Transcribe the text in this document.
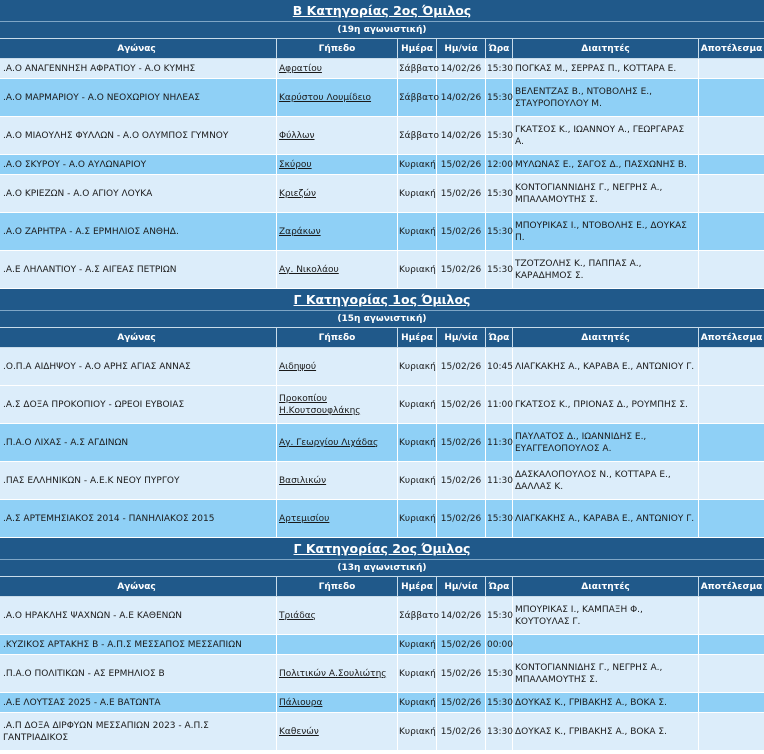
Β Κατηγορίας 2ος Όμιλος
(19η αγωνιστική)
Αγώνας	Γήπεδο	Ημέρα	Ημ/νία	Ώρα	Διαιτητές	Αποτέλεσμα
.Α.Ο ΑΝΑΓΕΝΝΗΣΗ ΑΦΡΑΤΙΟΥ - Α.Ο ΚΥΜΗΣ	Αφρατίου	Σάββατο	14/02/26	15:30	ΠΟΓΚΑΣ Μ., ΣΕΡΡΑΣ Π., ΚΟΤΤΑΡΑ Ε.	
.Α.Ο ΜΑΡΜΑΡΙΟΥ - Α.Ο ΝΕΟΧΩΡΙΟΥ ΝΗΛΕΑΣ	Καρύστου Λουμίδειο	Σάββατο	14/02/26	15:30	ΒΕΛΕΝΤΖΑΣ Β., ΝΤΟΒΟΛΗΣ Ε., ΣΤΑΥΡΟΠΟΥΛΟΥ Μ.	
.Α.Ο ΜΙΑΟΥΛΗΣ ΦΥΛΛΩΝ - Α.Ο ΟΛΥΜΠΟΣ ΓΥΜΝΟΥ	Φύλλων	Σάββατο	14/02/26	15:30	ΓΚΑΤΣΟΣ Κ., ΙΩΑΝΝΟΥ Α., ΓΕΩΡΓΑΡΑΣ Α.	
.Α.Ο ΣΚΥΡΟΥ - Α.Ο ΑΥΛΩΝΑΡΙΟΥ	Σκύρου	Κυριακή	15/02/26	12:00	ΜΥΛΩΝΑΣ Ε., ΣΑΓΟΣ Δ., ΠΑΣΧΩΝΗΣ Β.	
.Α.Ο ΚΡΙΕΖΩΝ - Α.Ο ΑΓΙΟΥ ΛΟΥΚΑ	Κριεζών	Κυριακή	15/02/26	15:30	ΚΟΝΤΟΓΙΑΝΝΙΔΗΣ Γ., ΝΕΓΡΗΣ Α., ΜΠΑΛΑΜΟΥΤΗΣ Σ.	
.Α.Ο ΖΑΡΗΤΡΑ - Α.Σ ΕΡΜΗΛΙΟΣ ΑΝΘΗΔ.	Ζαράκων	Κυριακή	15/02/26	15:30	ΜΠΟΥΡΙΚΑΣ Ι., ΝΤΟΒΟΛΗΣ Ε., ΔΟΥΚΑΣ Π.	
.Α.Ε ΛΗΛΑΝΤΙΟΥ - Α.Σ ΑΙΓΕΑΣ ΠΕΤΡΙΩΝ	Αγ. Νικολάου	Κυριακή	15/02/26	15:30	ΤΖΟΤΖΟΛΗΣ Κ., ΠΑΠΠΑΣ Α., ΚΑΡΑΔΗΜΟΣ Σ.	
Γ Κατηγορίας 1ος Όμιλος
(15η αγωνιστική)
Αγώνας	Γήπεδο	Ημέρα	Ημ/νία	Ώρα	Διαιτητές	Αποτέλεσμα
.Ο.Π.Α ΑΙΔΗΨΟΥ - Α.Ο ΑΡΗΣ ΑΓΙΑΣ ΑΝΝΑΣ	Αιδηψού	Κυριακή	15/02/26	10:45	ΛΙΑΓΚΑΚΗΣ Α., ΚΑΡΑΒΑ Ε., ΑΝΤΩΝΙΟΥ Γ.	
.Α.Σ ΔΟΞΑ ΠΡΟΚΟΠΙΟΥ - ΩΡΕΟΙ ΕΥΒΟΙΑΣ	Προκοπίου Η.Κουτσουφλάκης	Κυριακή	15/02/26	11:00	ΓΚΑΤΣΟΣ Κ., ΠΡΙΟΝΑΣ Δ., ΡΟΥΜΠΗΣ Σ.	
.Π.Α.Ο ΛΙΧΑΣ - Α.Σ ΑΓΔΙΝΩΝ	Αγ. Γεωργίου Λιχάδας	Κυριακή	15/02/26	11:30	ΠΑΥΛΑΤΟΣ Δ., ΙΩΑΝΝΙΔΗΣ Ε., ΕΥΑΓΓΕΛΟΠΟΥΛΟΣ Α.	
.ΠΑΣ ΕΛΛΗΝΙΚΩΝ - Α.Ε.Κ ΝΕΟΥ ΠΥΡΓΟΥ	Βασιλικών	Κυριακή	15/02/26	11:30	ΔΑΣΚΑΛΟΠΟΥΛΟΣ Ν., ΚΟΤΤΑΡΑ Ε., ΔΑΛΛΑΣ Κ.	
.Α.Σ ΑΡΤΕΜΗΣΙΑΚΟΣ 2014 - ΠΑΝΗΛΙΑΚΟΣ 2015	Αρτεμισίου	Κυριακή	15/02/26	15:30	ΛΙΑΓΚΑΚΗΣ Α., ΚΑΡΑΒΑ Ε., ΑΝΤΩΝΙΟΥ Γ.	
Γ Κατηγορίας 2ος Όμιλος
(13η αγωνιστική)
Αγώνας	Γήπεδο	Ημέρα	Ημ/νία	Ώρα	Διαιτητές	Αποτέλεσμα
.Α.Ο ΗΡΑΚΛΗΣ ΨΑΧΝΩΝ - Α.Ε ΚΑΘΕΝΩΝ	Τριάδας	Σάββατο	14/02/26	15:30	ΜΠΟΥΡΙΚΑΣ Ι., ΚΑΜΠΑΞΗ Φ., ΚΟΥΤΟΥΛΑΣ Γ.	
.ΚΥΖΙΚΟΣ ΑΡΤΑΚΗΣ Β - Α.Π.Σ ΜΕΣΣΑΠΟΣ ΜΕΣΣΑΠΙΩΝ		Κυριακή	15/02/26	00:00		
.Π.Α.Ο ΠΟΛΙΤΙΚΩΝ - ΑΣ ΕΡΜΗΛΙΟΣ Β	Πολιτικών Α.Σουλιώτης	Κυριακή	15/02/26	15:30	ΚΟΝΤΟΓΙΑΝΝΙΔΗΣ Γ., ΝΕΓΡΗΣ Α., ΜΠΑΛΑΜΟΥΤΗΣ Σ.	
.Α.Ε ΛΟΥΤΣΑΣ 2025 - Α.Ε ΒΑΤΩΝΤΑ	Πάλιουρα	Κυριακή	15/02/26	15:30	ΔΟΥΚΑΣ Κ., ΓΡΙΒΑΚΗΣ Α., ΒΟΚΑ Σ.	
.Α.Π ΔΟΞΑ ΔΙΡΦΥΩΝ ΜΕΣΣΑΠΙΩΝ 2023 - Α.Π.Σ ΓΑΝΤΡΙΑΔΙΚΟΣ	Καθενών	Κυριακή	15/02/26	13:30	ΔΟΥΚΑΣ Κ., ΓΡΙΒΑΚΗΣ Α., ΒΟΚΑ Σ.	
